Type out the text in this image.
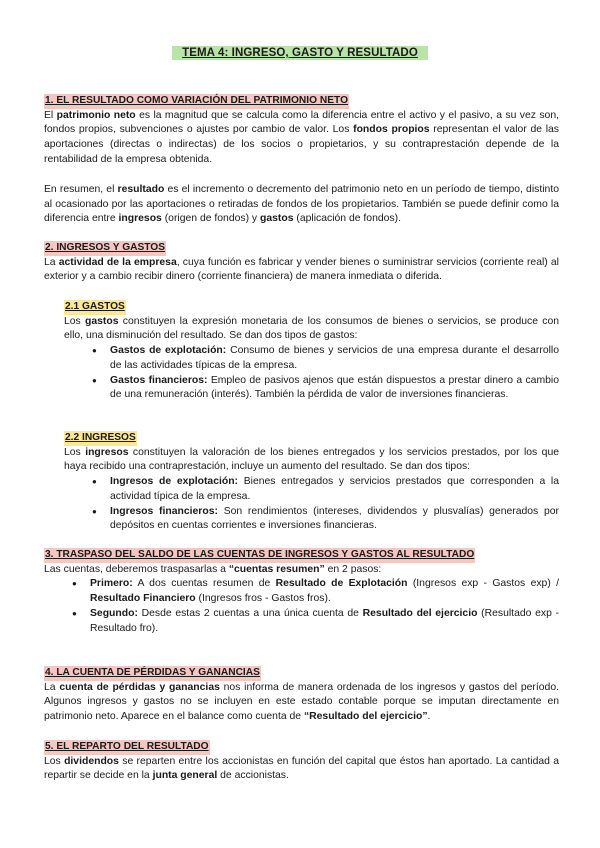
TEMA 4: INGRESO, GASTO Y RESULTADO
1. EL RESULTADO COMO VARIACIÓN DEL PATRIMONIO NETO

El patrimonio neto es la magnitud que se calcula como la diferencia entre el activo y el pasivo, a su vez son, fondos propios, subvenciones o ajustes por cambio de valor. Los fondos propios representan el valor de las aportaciones (directas o indirectas) de los socios o propietarios, y su contraprestación depende de la rentabilidad de la empresa obtenida.

En resumen, el resultado es el incremento o decremento del patrimonio neto en un período de tiempo, distinto al ocasionado por las aportaciones o retiradas de fondos de los propietarios. También se puede definir como la diferencia entre ingresos (origen de fondos) y gastos (aplicación de fondos).

2. INGRESOS Y GASTOS

La actividad de la empresa, cuya función es fabricar y vender bienes o suministrar servicios (corriente real) al exterior y a cambio recibir dinero (corriente financiera) de manera inmediata o diferida.

2.1 GASTOS

Los gastos constituyen la expresión monetaria de los consumos de bienes o servicios, se produce con ello, una disminución del resultado. Se dan dos tipos de gastos:

● Gastos de explotación: Consumo de bienes y servicios de una empresa durante el desarrollo de las actividades típicas de la empresa.
● Gastos financieros: Empleo de pasivos ajenos que están dispuestos a prestar dinero a cambio de una remuneración (interés). También la pérdida de valor de inversiones financieras.
2.2 INGRESOS

Los ingresos constituyen la valoración de los bienes entregados y los servicios prestados, por los que haya recibido una contraprestación, incluye un aumento del resultado. Se dan dos tipos:

● Ingresos de explotación: Bienes entregados y servicios prestados que corresponden a la actividad típica de la empresa.
● Ingresos financieros: Son rendimientos (intereses, dividendos y plusvalías) generados por depósitos en cuentas corrientes e inversiones financieras.
3. TRASPASO DEL SALDO DE LAS CUENTAS DE INGRESOS Y GASTOS AL RESULTADO

Las cuentas, deberemos traspasarlas a “cuentas resumen” en 2 pasos:

● Primero: A dos cuentas resumen de Resultado de Explotación (Ingresos exp - Gastos exp) / Resultado Financiero (Ingresos fros - Gastos fros).
● Segundo: Desde estas 2 cuentas a una única cuenta de Resultado del ejercicio (Resultado exp - Resultado fro).
4. LA CUENTA DE PÉRDIDAS Y GANANCIAS

La cuenta de pérdidas y ganancias nos informa de manera ordenada de los ingresos y gastos del período. Algunos ingresos y gastos no se incluyen en este estado contable porque se imputan directamente en patrimonio neto. Aparece en el balance como cuenta de “Resultado del ejercicio”.

5. EL REPARTO DEL RESULTADO

Los dividendos se reparten entre los accionistas en función del capital que éstos han aportado. La cantidad a repartir se decide en la junta general de accionistas.
